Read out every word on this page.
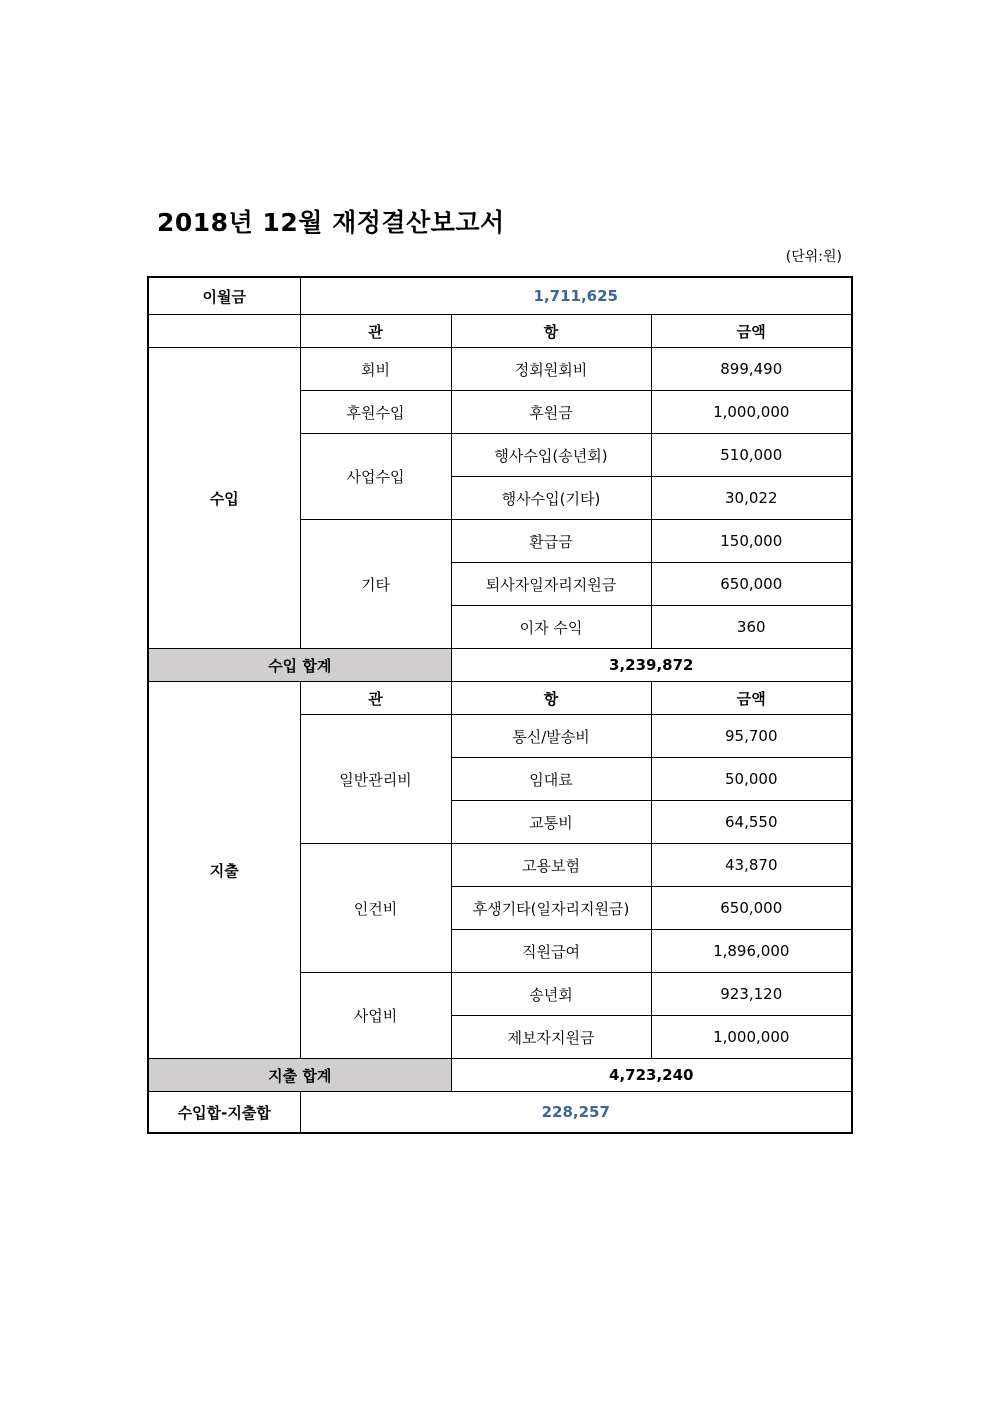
2018년 12월 재정결산보고서
(단위:원)
이월금	1,711,625		
	관	항	금액
수입	회비	정회원회비	899,490
	후원수입	후원금	1,000,000
	사업수입	행사수입(송년회)	510,000
		행사수입(기타)	30,022
	기타	환급금	150,000
		퇴사자일자리지원금	650,000
		이자 수익	360
수입 합계		3,239,872	
지출	관	항	금액
	일반관리비	통신/발송비	95,700
		임대료	50,000
		교통비	64,550
	인건비	고용보험	43,870
		후생기타(일자리지원금)	650,000
		직원급여	1,896,000
	사업비	송년회	923,120
		제보자지원금	1,000,000
지출 합계		4,723,240	
수입합-지출합	228,257		
